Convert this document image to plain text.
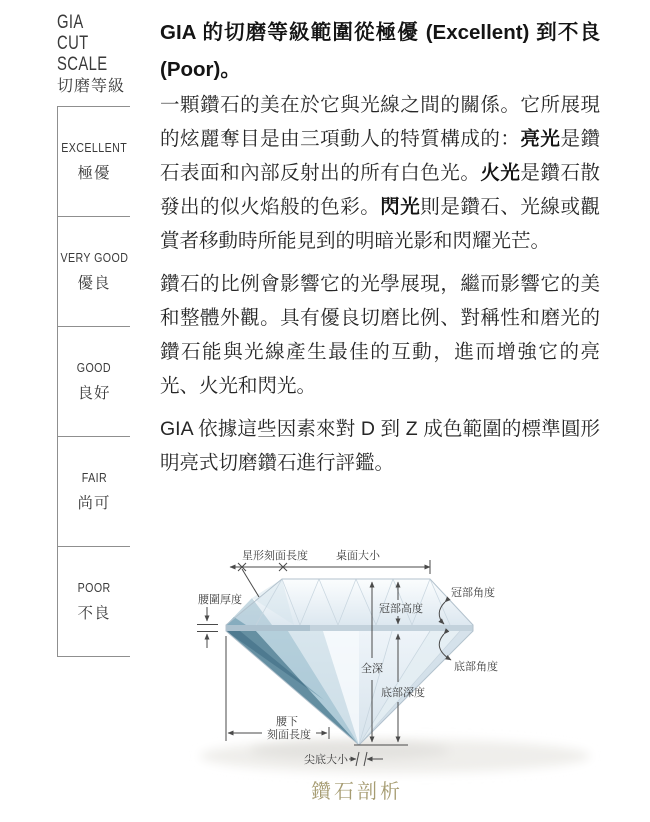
GIA
CUT
SCALE
切磨等級
EXCELLENT
極優
VERY GOOD
優良
GOOD
良好
FAIR
尚可
POOR
不良
GIA 的切磨等級範圍從極優 (Excellent) 到不良 (Poor)。

一顆鑽石的美在於它與光線之間的關係。它所展現的炫麗奪目是由三項動人的特質構成的：亮光是鑽石表面和內部反射出的所有白色光。火光是鑽石散發出的似火焰般的色彩。閃光則是鑽石、光線或觀賞者移動時所能見到的明暗光影和閃耀光芒。

鑽石的比例會影響它的光學展現，繼而影響它的美和整體外觀。具有優良切磨比例、對稱性和磨光的鑽石能與光線產生最佳的互動，進而增強它的亮光、火光和閃光。

GIA 依據這些因素來對 D 到 Z 成色範圍的標準圓形明亮式切磨鑽石進行評鑑。

星形刻面長度	桌面大小
冠部角度
腰圍厚度
冠部高度
全深	底部角度
底部深度
腰下
刻面長度
尖底大小
鑽石剖析
